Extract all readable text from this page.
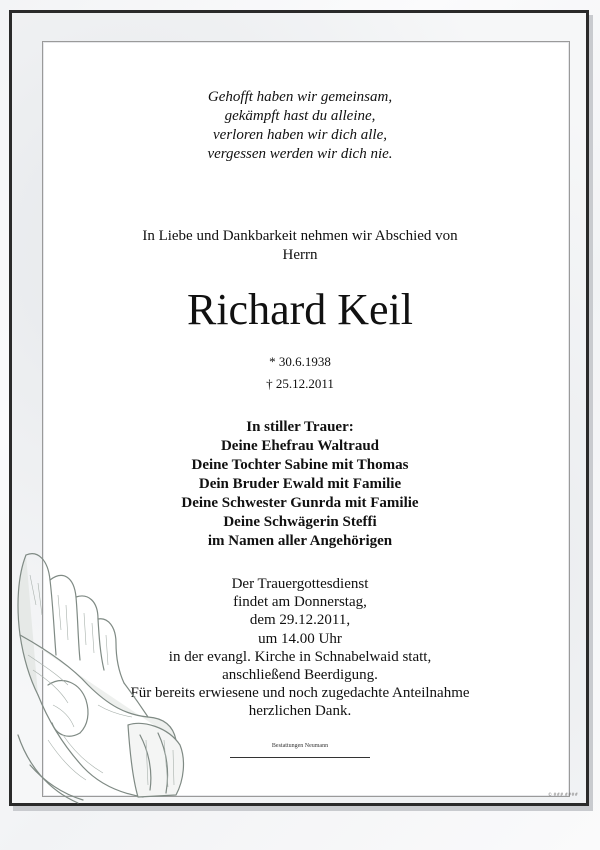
Gehofft haben wir gemeinsam,
gekämpft hast du alleine,
verloren haben wir dich alle,
vergessen werden wir dich nie.
In Liebe und Dankbarkeit nehmen wir Abschied von
Herrn
Richard Keil
* 30.6.1938
† 25.12.2011
In stiller Trauer:
Deine Ehefrau Waltraud
Deine Tochter Sabine mit Thomas
Dein Bruder Ewald mit Familie
Deine Schwester Gunrda mit Familie
Deine Schwägerin Steffi
im Namen aller Angehörigen
Der Trauergottesdienst
findet am Donnerstag,
dem 29.12.2011,
um 14.00 Uhr
in der evangl. Kirche in Schnabelwaid statt,
anschließend Beerdigung.
Für bereits erwiesene und noch zugedachte Anteilnahme
herzlichen Dank.
Bestattungen Neumann
© ### ####
